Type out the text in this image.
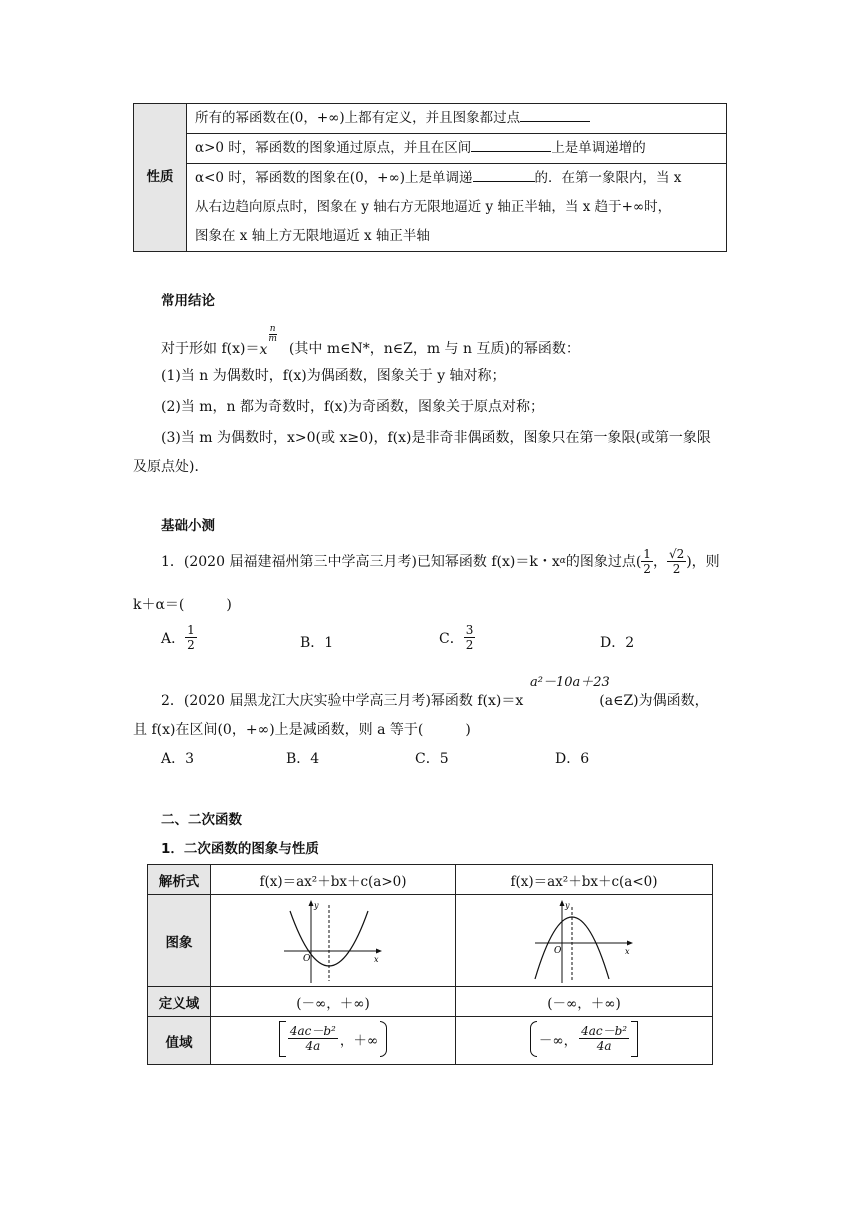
性质	所有的幂函数在(0，+∞)上都有定义，并且图象都过点
α>0 时，幂函数的图象通过原点，并且在区间	上是单调递增的

α<0 时，幂函数的图象在(0，+∞)上是单调递	的．在第一象限内，当 x
从右边趋向原点时，图象在 y 轴右方无限地逼近 y 轴正半轴，当 x 趋于+∞时，
图象在 x 轴上方无限地逼近 x 轴正半轴
常用结论
对于形如 f(x)＝ x
n
m
(其中 m∈N*，n∈Z，m 与 n 互质)的幂函数：
(1)当 n 为偶数时，f(x)为偶函数，图象关于 y 轴对称；
(2)当 m，n 都为奇数时，f(x)为奇函数，图象关于原点对称；
(3)当 m 为偶数时，x>0(或 x≥0)，f(x)是非奇非偶函数，图象只在第一象限(或第一象限
及原点处)．
基础小测
1．(2020 届福建福州第三中学高三月考)已知幂函数 f(x)＝k・x α 的图象过点( $\frac{1}{2}$ ， $\frac{√2}{2}$ )，则
k＋α＝(　　　)
A． $\frac{1}{2}$	B．1	C． $\frac{3}{2}$	D．2
a²－10a＋23
2．(2020 届黑龙江大庆实验中学高三月考)幂函数 f(x)＝x	(a∈Z)为偶函数，
且 f(x)在区间(0，+∞)上是减函数，则 a 等于(　　　)
A．3	B．4	C．5	D．6
二、二次函数
1．二次函数的图象与性质
解析式	f(x)＝ax²＋bx＋c(a>0)	f(x)＝ax²＋bx＋c(a<0)
图象	x
y
O	x
y
O

定义域	(－∞，＋∞)	(－∞，＋∞)
值域	$\frac{\text{4ac－b²}}{4a}$ ，＋∞	－∞， $\frac{\text{4ac－b²}}{4a}$
